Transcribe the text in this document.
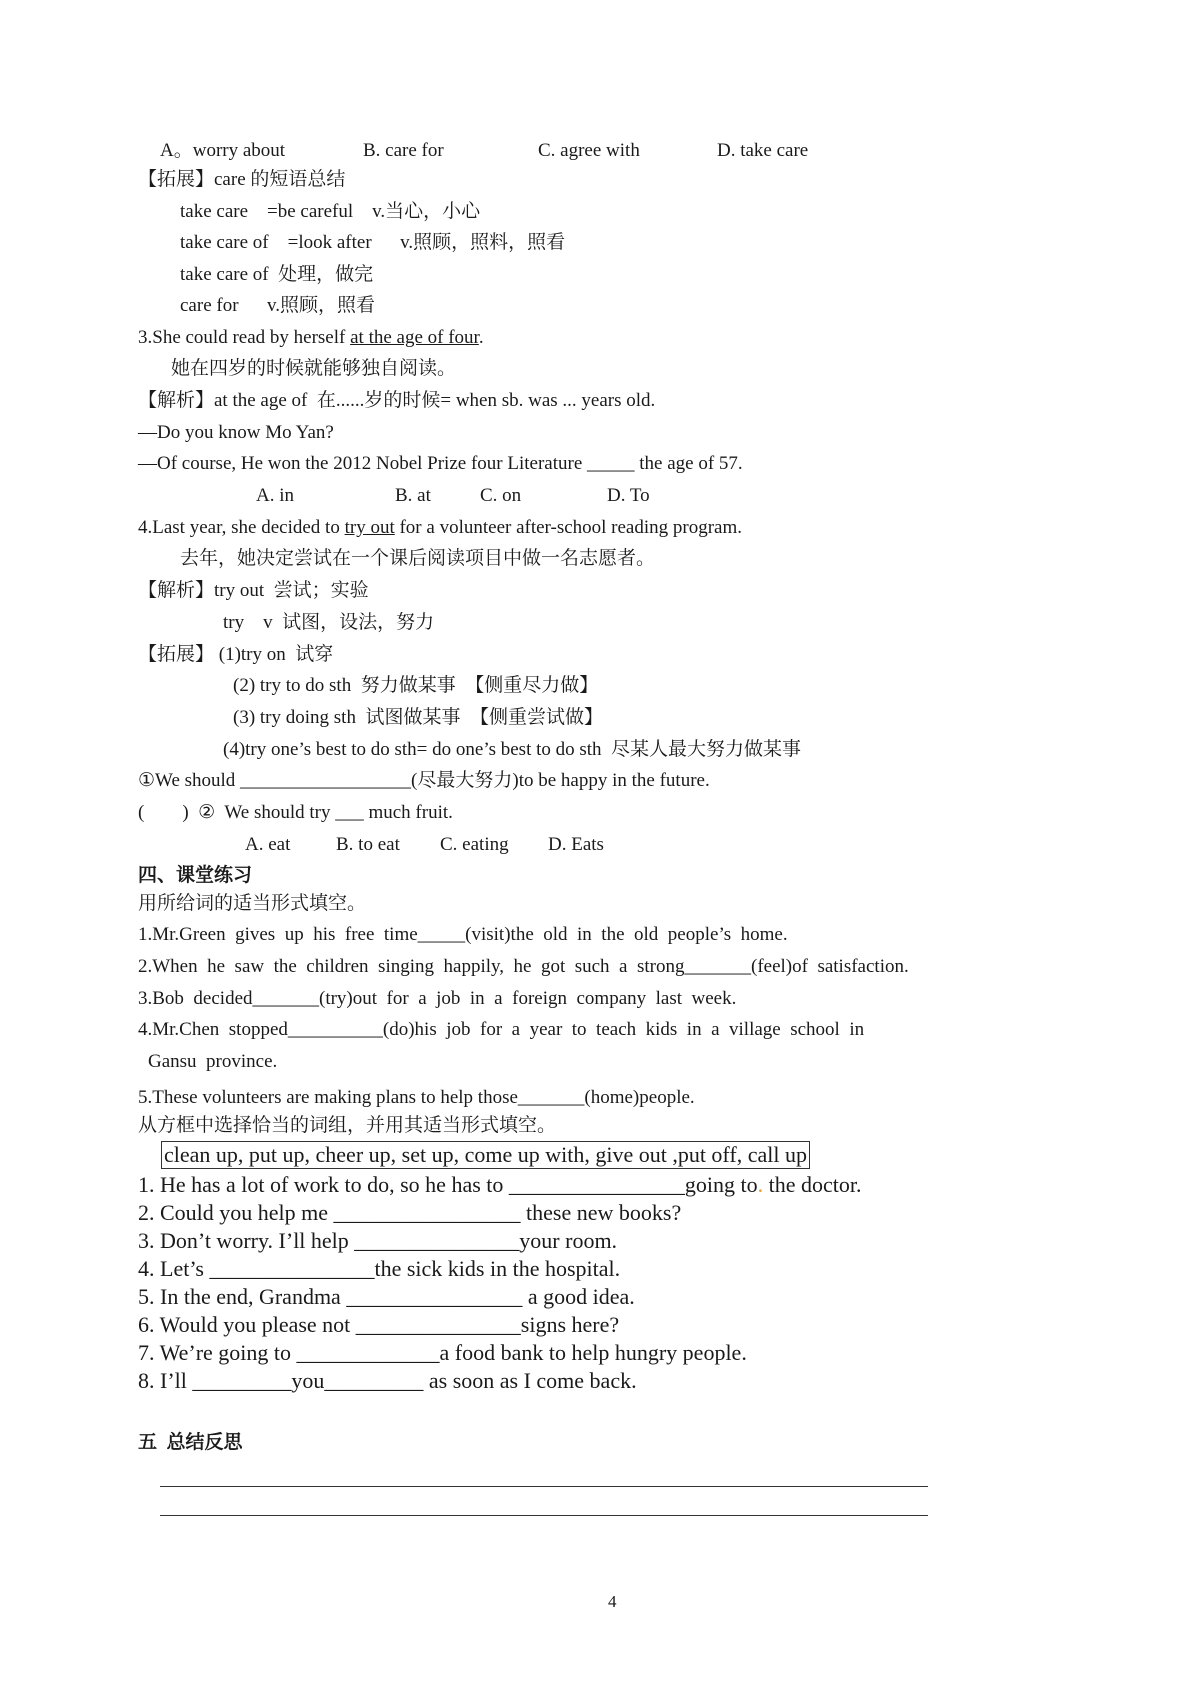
A。worry about	B. care for	C. agree with	D. take care
【拓展】care 的短语总结
take care    =be careful    v.当心，小心
take care of    =look after      v.照顾，照料，照看
take care of  处理，做完
care for      v.照顾，照看
3.She could read by herself at the age of four.
她在四岁的时候就能够独自阅读。
【解析】at the age of  在......岁的时候= when sb. was ... years old.
—Do you know Mo Yan?
—Of course, He won the 2012 Nobel Prize four Literature _____ the age of 57.
A. in	B. at	C. on	D. To
4.Last year, she decided to try out for a volunteer after-school reading program.
去年，她决定尝试在一个课后阅读项目中做一名志愿者。
【解析】try out  尝试；实验
try    v  试图，设法，努力
【拓展】 (1)try on  试穿
(2) try to do sth  努力做某事  【侧重尽力做】
(3) try doing sth  试图做某事  【侧重尝试做】
(4)try one’s best to do sth= do one’s best to do sth  尽某人最大努力做某事
①We should __________________(尽最大努力)to be happy in the future.
(        )  ②  We should try ___ much fruit.
A. eat B. to eat C. eating D. Eats
四、课堂练习
用所给词的适当形式填空。
1.Mr.Green  gives  up  his  free  time_____(visit)the  old  in  the  old  people’s  home.
2.When  he  saw  the  children  singing  happily,  he  got  such  a  strong_______(feel)of  satisfaction.
3.Bob  decided_______(try)out  for  a  job  in  a  foreign  company  last  week.
4.Mr.Chen  stopped__________(do)his  job  for  a  year  to  teach  kids  in  a  village  school  in
Gansu  province.
5.These volunteers are making plans to help those_______(home)people.
从方框中选择恰当的词组，并用其适当形式填空。
clean up, put up, cheer up, set up, come up with, give out ,put off, call up
1. He has a lot of work to do, so he has to ________________going to. the doctor.
2. Could you help me _________________ these new books?
3. Don’t worry. I’ll help _______________your room.
4. Let’s _______________the sick kids in the hospital.
5. In the end, Grandma ________________ a good idea.
6. Would you please not _______________signs here?
7. We’re going to _____________a food bank to help hungry people.
8. I’ll _________you_________ as soon as I come back.
五  总结反思
4
